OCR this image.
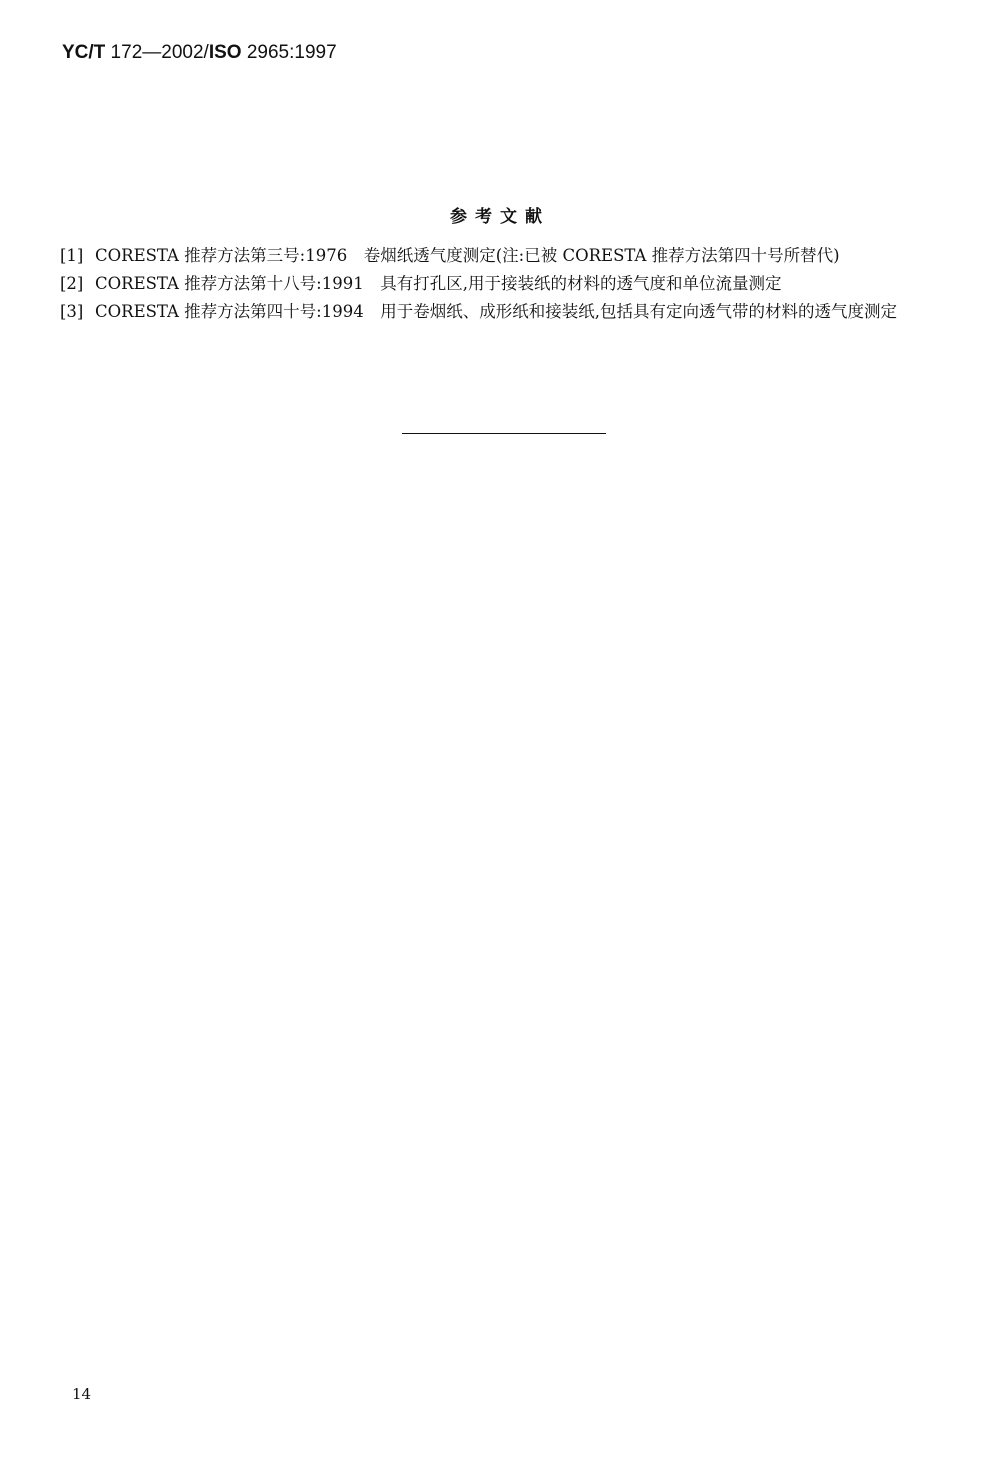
YC/T 172—2002/ISO 2965:1997
参考文献
[1] CORESTA 推荐方法第三号:1976　卷烟纸透气度测定(注:已被 CORESTA 推荐方法第四十号所替代)
[2] CORESTA 推荐方法第十八号:1991　具有打孔区,用于接装纸的材料的透气度和单位流量测定
[3] CORESTA 推荐方法第四十号:1994　用于卷烟纸、成形纸和接装纸,包括具有定向透气带的材料的透气度测定
14
